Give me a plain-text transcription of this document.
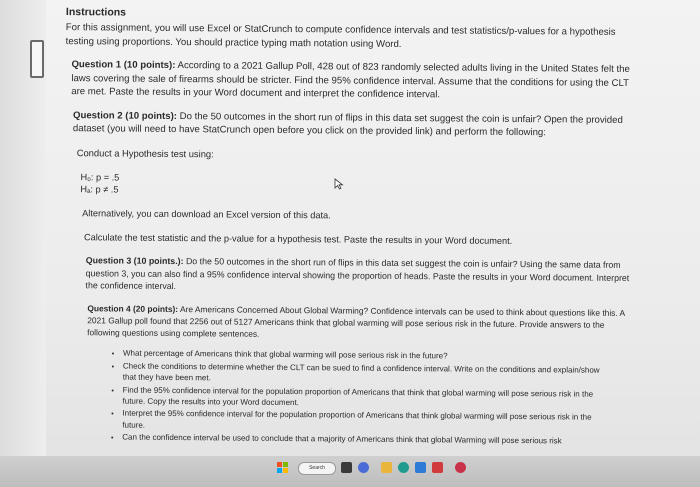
Instructions

For this assignment, you will use Excel or StatCrunch to compute confidence intervals and test statistics/p-values for a hypothesis testing using proportions. You should practice typing math notation using Word.

Question 1 (10 points): According to a 2021 Gallup Poll, 428 out of 823 randomly selected adults living in the United States felt the laws covering the sale of firearms should be stricter. Find the 95% confidence interval. Assume that the conditions for using the CLT are met. Paste the results in your Word document and interpret the confidence interval.

Question 2 (10 points): Do the 50 outcomes in the short run of flips in this data set suggest the coin is unfair? Open the provided dataset (you will need to have StatCrunch open before you click on the provided link) and perform the following:

Conduct a Hypothesis test using:

H₀: p = .5
Hₐ: p ≠ .5

Alternatively, you can download an Excel version of this data.

Calculate the test statistic and the p-value for a hypothesis test. Paste the results in your Word document.

Question 3 (10 points.): Do the 50 outcomes in the short run of flips in this data set suggest the coin is unfair? Using the same data from question 3, you can also find a 95% confidence interval showing the proportion of heads. Paste the results in your Word document. Interpret the confidence interval.

Question 4 (20 points): Are Americans Concerned About Global Warming? Confidence intervals can be used to think about questions like this. A 2021 Gallup poll found that 2256 out of 5127 Americans think that global warming will pose serious risk in the future. Provide answers to the following questions using complete sentences.

• What percentage of Americans think that global warming will pose serious risk in the future?
• Check the conditions to determine whether the CLT can be sued to find a confidence interval. Write on the conditions and explain/show that they have been met.
• Find the 95% confidence interval for the population proportion of Americans that think that global warming will pose serious risk in the future. Copy the results into your Word document.
• Interpret the 95% confidence interval for the population proportion of Americans that think global warming will pose serious risk in the future.
• Can the confidence interval be used to conclude that a majority of Americans think that global Warming will pose serious risk
Search
